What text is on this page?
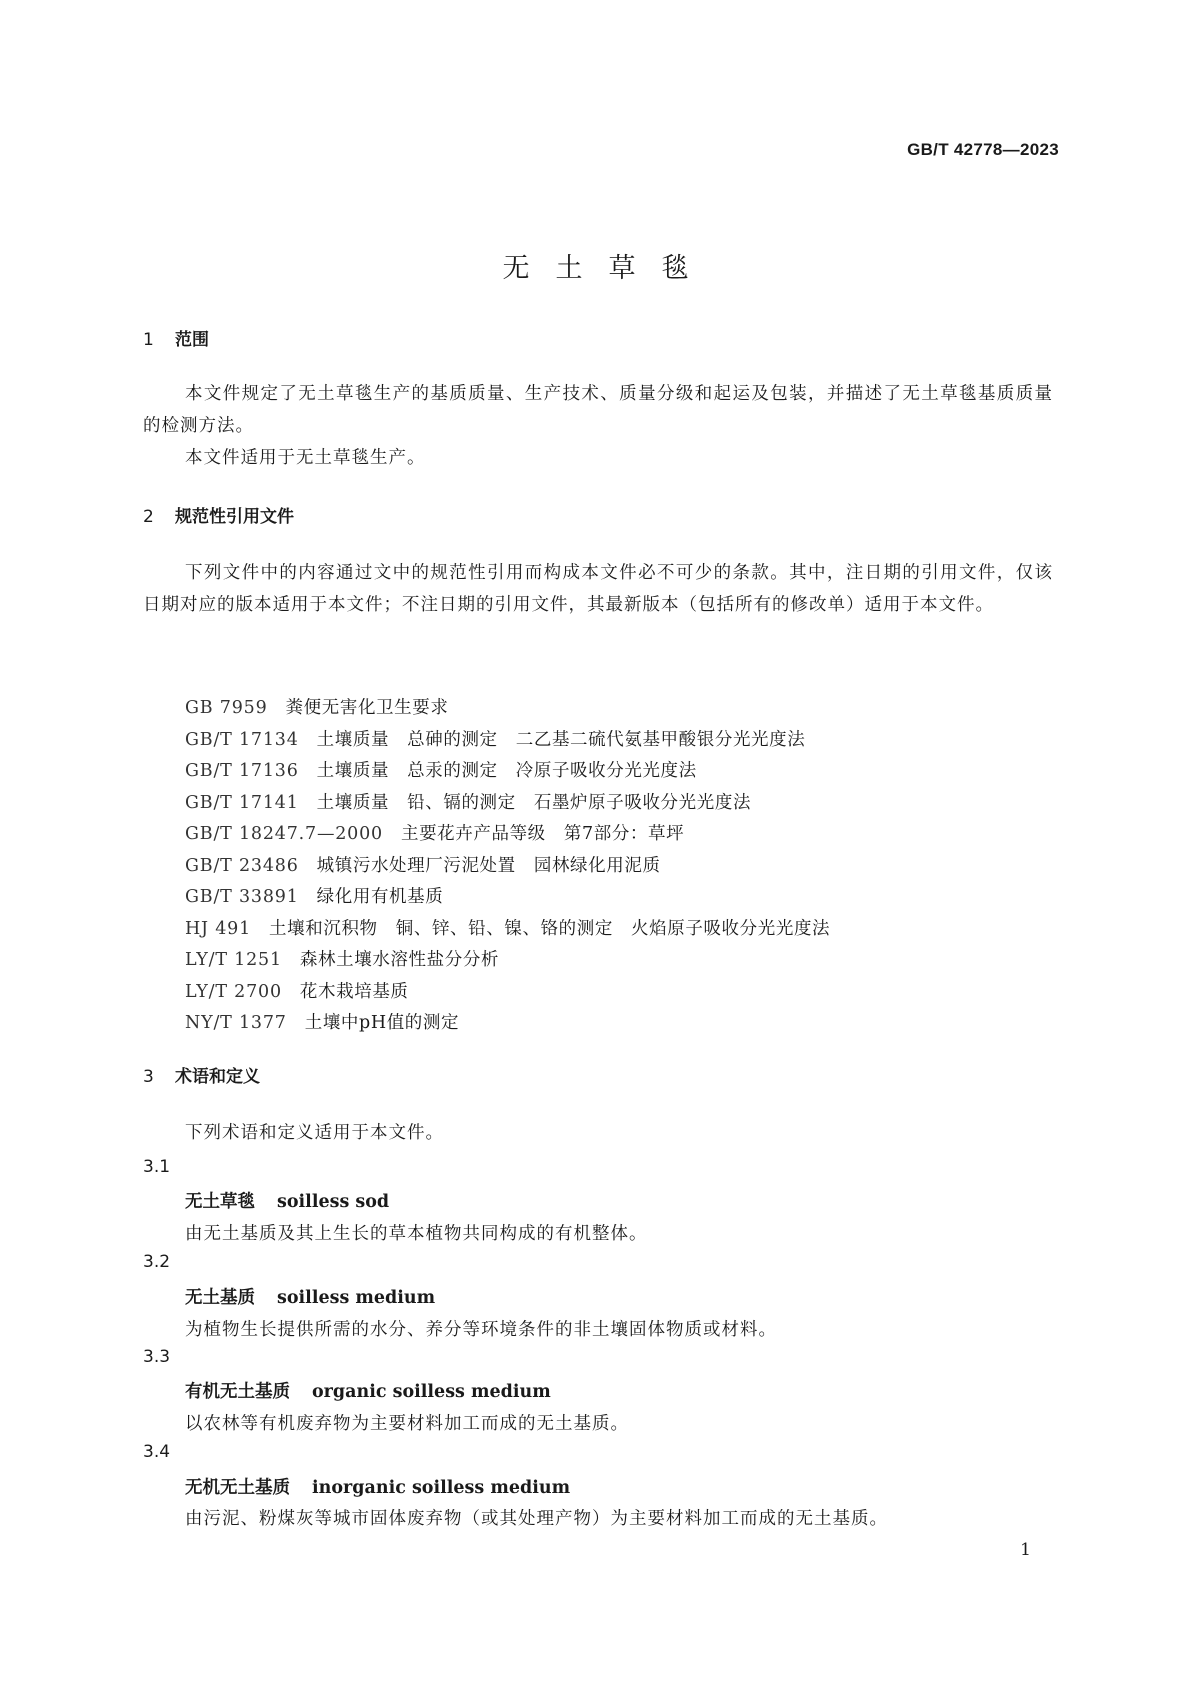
GB/T 42778—2023
无土草毯
1 范围

本文件规定了无土草毯生产的基质质量、生产技术、质量分级和起运及包装，并描述了无土草毯基质质量的检测方法。

本文件适用于无土草毯生产。

2 规范性引用文件

下列文件中的内容通过文中的规范性引用而构成本文件必不可少的条款。其中，注日期的引用文件，仅该日期对应的版本适用于本文件；不注日期的引用文件，其最新版本（包括所有的修改单）适用于本文件。

GB 7959 粪便无害化卫生要求
GB/T 17134 土壤质量　总砷的测定　二乙基二硫代氨基甲酸银分光光度法
GB/T 17136 土壤质量　总汞的测定　冷原子吸收分光光度法
GB/T 17141 土壤质量　铅、镉的测定　石墨炉原子吸收分光光度法
GB/T 18247.7—2000 主要花卉产品等级　第7部分：草坪
GB/T 23486 城镇污水处理厂污泥处置　园林绿化用泥质
GB/T 33891 绿化用有机基质
HJ 491 土壤和沉积物　铜、锌、铅、镍、铬的测定　火焰原子吸收分光光度法
LY/T 1251 森林土壤水溶性盐分分析
LY/T 2700 花木栽培基质
NY/T 1377 土壤中pH值的测定
3 术语和定义

下列术语和定义适用于本文件。

3.1
无土草毯 soilless sod
由无土基质及其上生长的草本植物共同构成的有机整体。
3.2
无土基质 soilless medium
为植物生长提供所需的水分、养分等环境条件的非土壤固体物质或材料。
3.3
有机无土基质 organic soilless medium
以农林等有机废弃物为主要材料加工而成的无土基质。
3.4
无机无土基质 inorganic soilless medium
由污泥、粉煤灰等城市固体废弃物（或其处理产物）为主要材料加工而成的无土基质。
1
